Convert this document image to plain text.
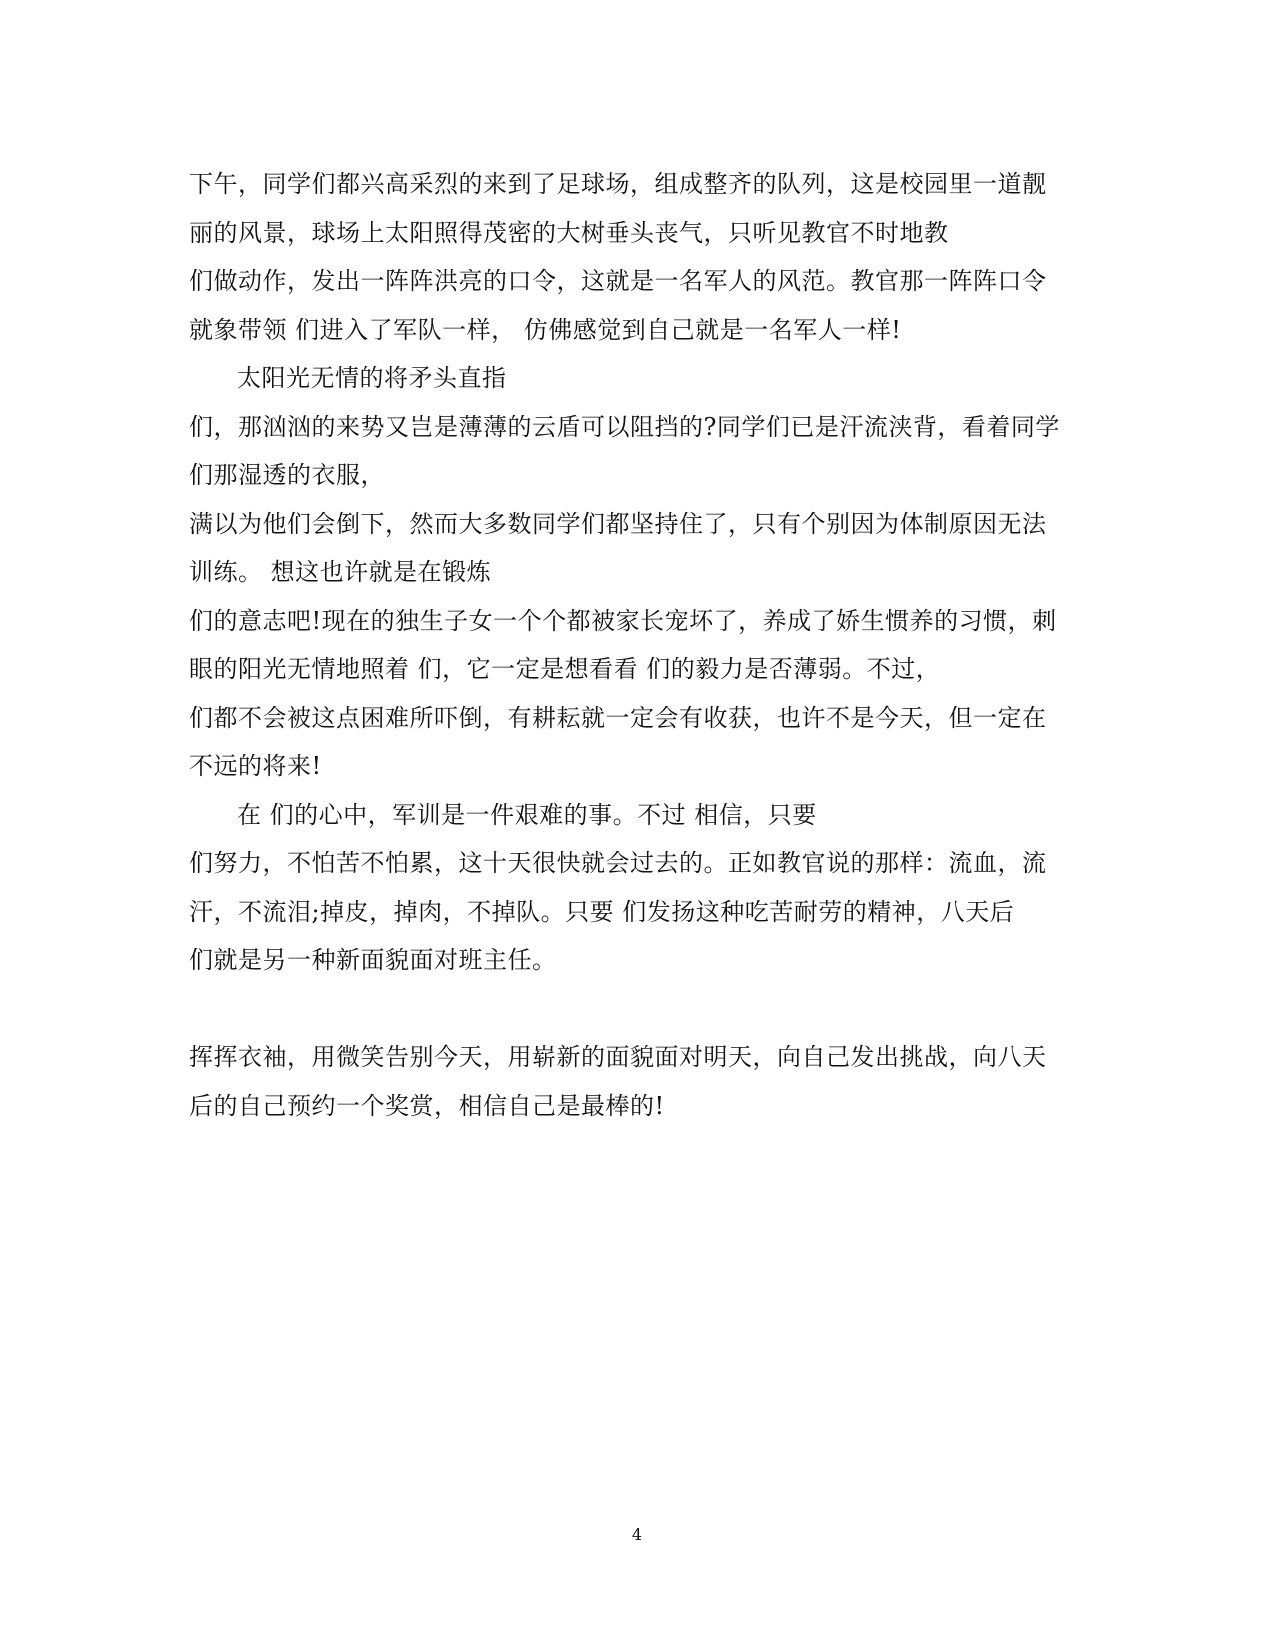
下午，同学们都兴高采烈的来到了足球场，组成整齐的队列，这是校园里一道靓
丽的风景，球场上太阳照得茂密的大树垂头丧气，只听见教官不时地教
们做动作，发出一阵阵洪亮的口令，这就是一名军人的风范。教官那一阵阵口令
就象带领 们进入了军队一样， 仿佛感觉到自己就是一名军人一样!
太阳光无情的将矛头直指
们，那汹汹的来势又岂是薄薄的云盾可以阻挡的?同学们已是汗流浃背，看着同学
们那湿透的衣服，
满以为他们会倒下，然而大多数同学们都坚持住了，只有个别因为体制原因无法
训练。 想这也许就是在锻炼
们的意志吧!现在的独生子女一个个都被家长宠坏了，养成了娇生惯养的习惯，刺
眼的阳光无情地照着 们，它一定是想看看 们的毅力是否薄弱。不过，
们都不会被这点困难所吓倒，有耕耘就一定会有收获，也许不是今天，但一定在
不远的将来!
在 们的心中，军训是一件艰难的事。不过 相信，只要
们努力，不怕苦不怕累，这十天很快就会过去的。正如教官说的那样：流血，流
汗，不流泪;掉皮，掉肉，不掉队。只要 们发扬这种吃苦耐劳的精神，八天后
们就是另一种新面貌面对班主任。
挥挥衣袖，用微笑告别今天，用崭新的面貌面对明天，向自己发出挑战，向八天
后的自己预约一个奖赏，相信自己是最棒的!
4
